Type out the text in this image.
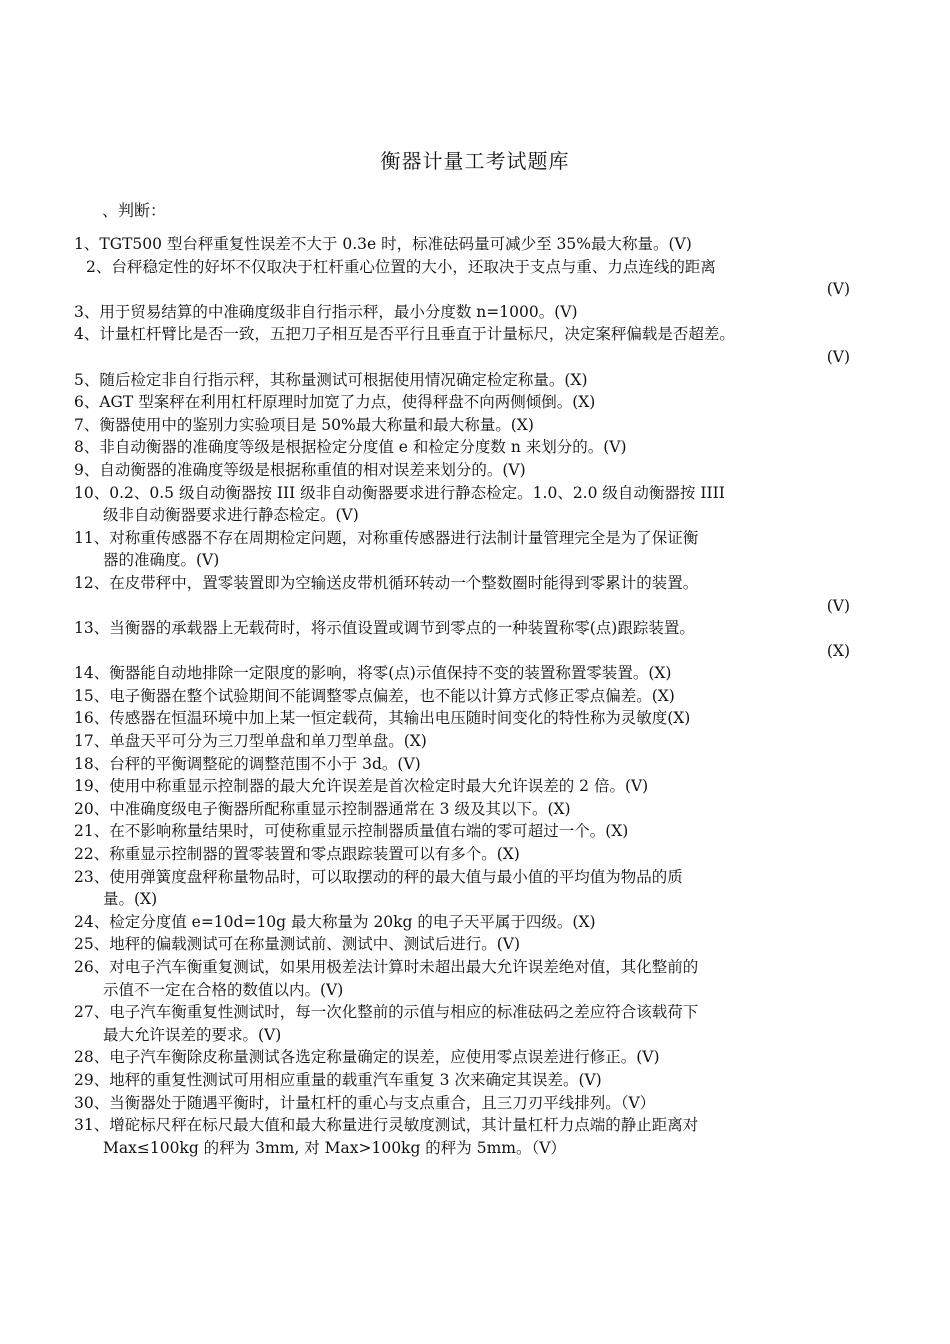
衡器计量工考试题库
、判断：
1、TGT500 型台秤重复性误差不大于 0.3e 时，标准砝码量可减少至 35%最大称量。(V)
2、台秤稳定性的好坏不仅取决于杠杆重心位置的大小，还取决于支点与重、力点连线的距离
(V)
3、用于贸易结算的中准确度级非自行指示秤，最小分度数 n=1000。(V)
4、计量杠杆臂比是否一致，五把刀子相互是否平行且垂直于计量标尺，决定案秤偏载是否超差。
(V)
5、随后检定非自行指示秤，其称量测试可根据使用情况确定检定称量。(X)
6、AGT 型案秤在利用杠杆原理时加宽了力点，使得秤盘不向两侧倾倒。(X)
7、衡器使用中的鉴别力实验项目是 50%最大称量和最大称量。(X)
8、非自动衡器的准确度等级是根据检定分度值 e 和检定分度数 n 来划分的。(V)
9、自动衡器的准确度等级是根据称重值的相对误差来划分的。(V)
10、0.2、0.5 级自动衡器按 III 级非自动衡器要求进行静态检定。1.0、2.0 级自动衡器按 IIII
级非自动衡器要求进行静态检定。(V)
11、对称重传感器不存在周期检定问题，对称重传感器进行法制计量管理完全是为了保证衡
器的准确度。(V)
12、在皮带秤中，置零装置即为空输送皮带机循环转动一个整数圈时能得到零累计的装置。
(V)
13、当衡器的承载器上无载荷时，将示值设置或调节到零点的一种装置称零(点)跟踪装置。
(X)
14、衡器能自动地排除一定限度的影响，将零(点)示值保持不变的装置称置零装置。(X)
15、电子衡器在整个试验期间不能调整零点偏差，也不能以计算方式修正零点偏差。(X)
16、传感器在恒温环境中加上某一恒定载荷，其输出电压随时间变化的特性称为灵敏度(X)
17、单盘天平可分为三刀型单盘和单刀型单盘。(X)
18、台秤的平衡调整砣的调整范围不小于 3d。(V)
19、使用中称重显示控制器的最大允许误差是首次检定时最大允许误差的 2 倍。(V)
20、中准确度级电子衡器所配称重显示控制器通常在 3 级及其以下。(X)
21、在不影响称量结果时，可使称重显示控制器质量值右端的零可超过一个。(X)
22、称重显示控制器的置零装置和零点跟踪装置可以有多个。(X)
23、使用弹簧度盘秤称量物品时，可以取摆动的秤的最大值与最小值的平均值为物品的质
量。(X)
24、检定分度值 e=10d=10g 最大称量为 20kg 的电子天平属于四级。(X)
25、地秤的偏载测试可在称量测试前、测试中、测试后进行。(V)
26、对电子汽车衡重复测试，如果用极差法计算时未超出最大允许误差绝对值，其化整前的
示值不一定在合格的数值以内。(V)
27、电子汽车衡重复性测试时，每一次化整前的示值与相应的标准砝码之差应符合该载荷下
最大允许误差的要求。(V)
28、电子汽车衡除皮称量测试各选定称量确定的误差，应使用零点误差进行修正。(V)
29、地秤的重复性测试可用相应重量的载重汽车重复 3 次来确定其误差。(V)
30、当衡器处于随遇平衡时，计量杠杆的重心与支点重合，且三刀刃平线排列。（V）
31、增砣标尺秤在标尺最大值和最大称量进行灵敏度测试，其计量杠杆力点端的静止距离对
Max≤100kg 的秤为 3mm, 对 Max>100kg 的秤为 5mm。（V）
